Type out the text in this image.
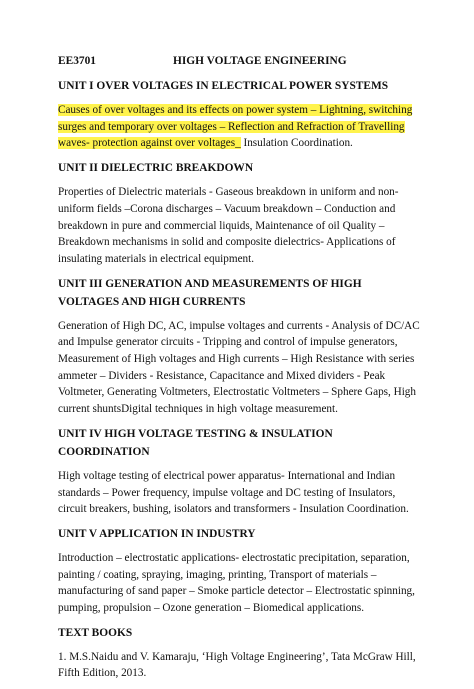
EE3701	HIGH VOLTAGE ENGINEERING
UNIT I OVER VOLTAGES IN ELECTRICAL POWER SYSTEMS
Causes of over voltages and its effects on power system – Lightning, switching surges and temporary over voltages – Reflection and Refraction of Travelling waves- protection against over voltages_ Insulation Coordination.
UNIT II DIELECTRIC BREAKDOWN
Properties of Dielectric materials - Gaseous breakdown in uniform and non-uniform fields –Corona discharges – Vacuum breakdown – Conduction and breakdown in pure and commercial liquids, Maintenance of oil Quality – Breakdown mechanisms in solid and composite dielectrics- Applications of insulating materials in electrical equipment.
UNIT III GENERATION AND MEASUREMENTS OF HIGH VOLTAGES AND HIGH CURRENTS
Generation of High DC, AC, impulse voltages and currents - Analysis of DC/AC and Impulse generator circuits - Tripping and control of impulse generators, Measurement of High voltages and High currents – High Resistance with series ammeter – Dividers - Resistance, Capacitance and Mixed dividers - Peak Voltmeter, Generating Voltmeters, Electrostatic Voltmeters – Sphere Gaps, High current shuntsDigital techniques in high voltage measurement.
UNIT IV HIGH VOLTAGE TESTING & INSULATION COORDINATION
High voltage testing of electrical power apparatus- International and Indian standards – Power frequency, impulse voltage and DC testing of Insulators, circuit breakers, bushing, isolators and transformers - Insulation Coordination.
UNIT V APPLICATION IN INDUSTRY
Introduction – electrostatic applications- electrostatic precipitation, separation, painting / coating, spraying, imaging, printing, Transport of materials – manufacturing of sand paper – Smoke particle detector – Electrostatic spinning, pumping, propulsion – Ozone generation – Biomedical applications.
TEXT BOOKS
1. M.S.Naidu and V. Kamaraju, ‘High Voltage Engineering’, Tata McGraw Hill, Fifth Edition, 2013.
